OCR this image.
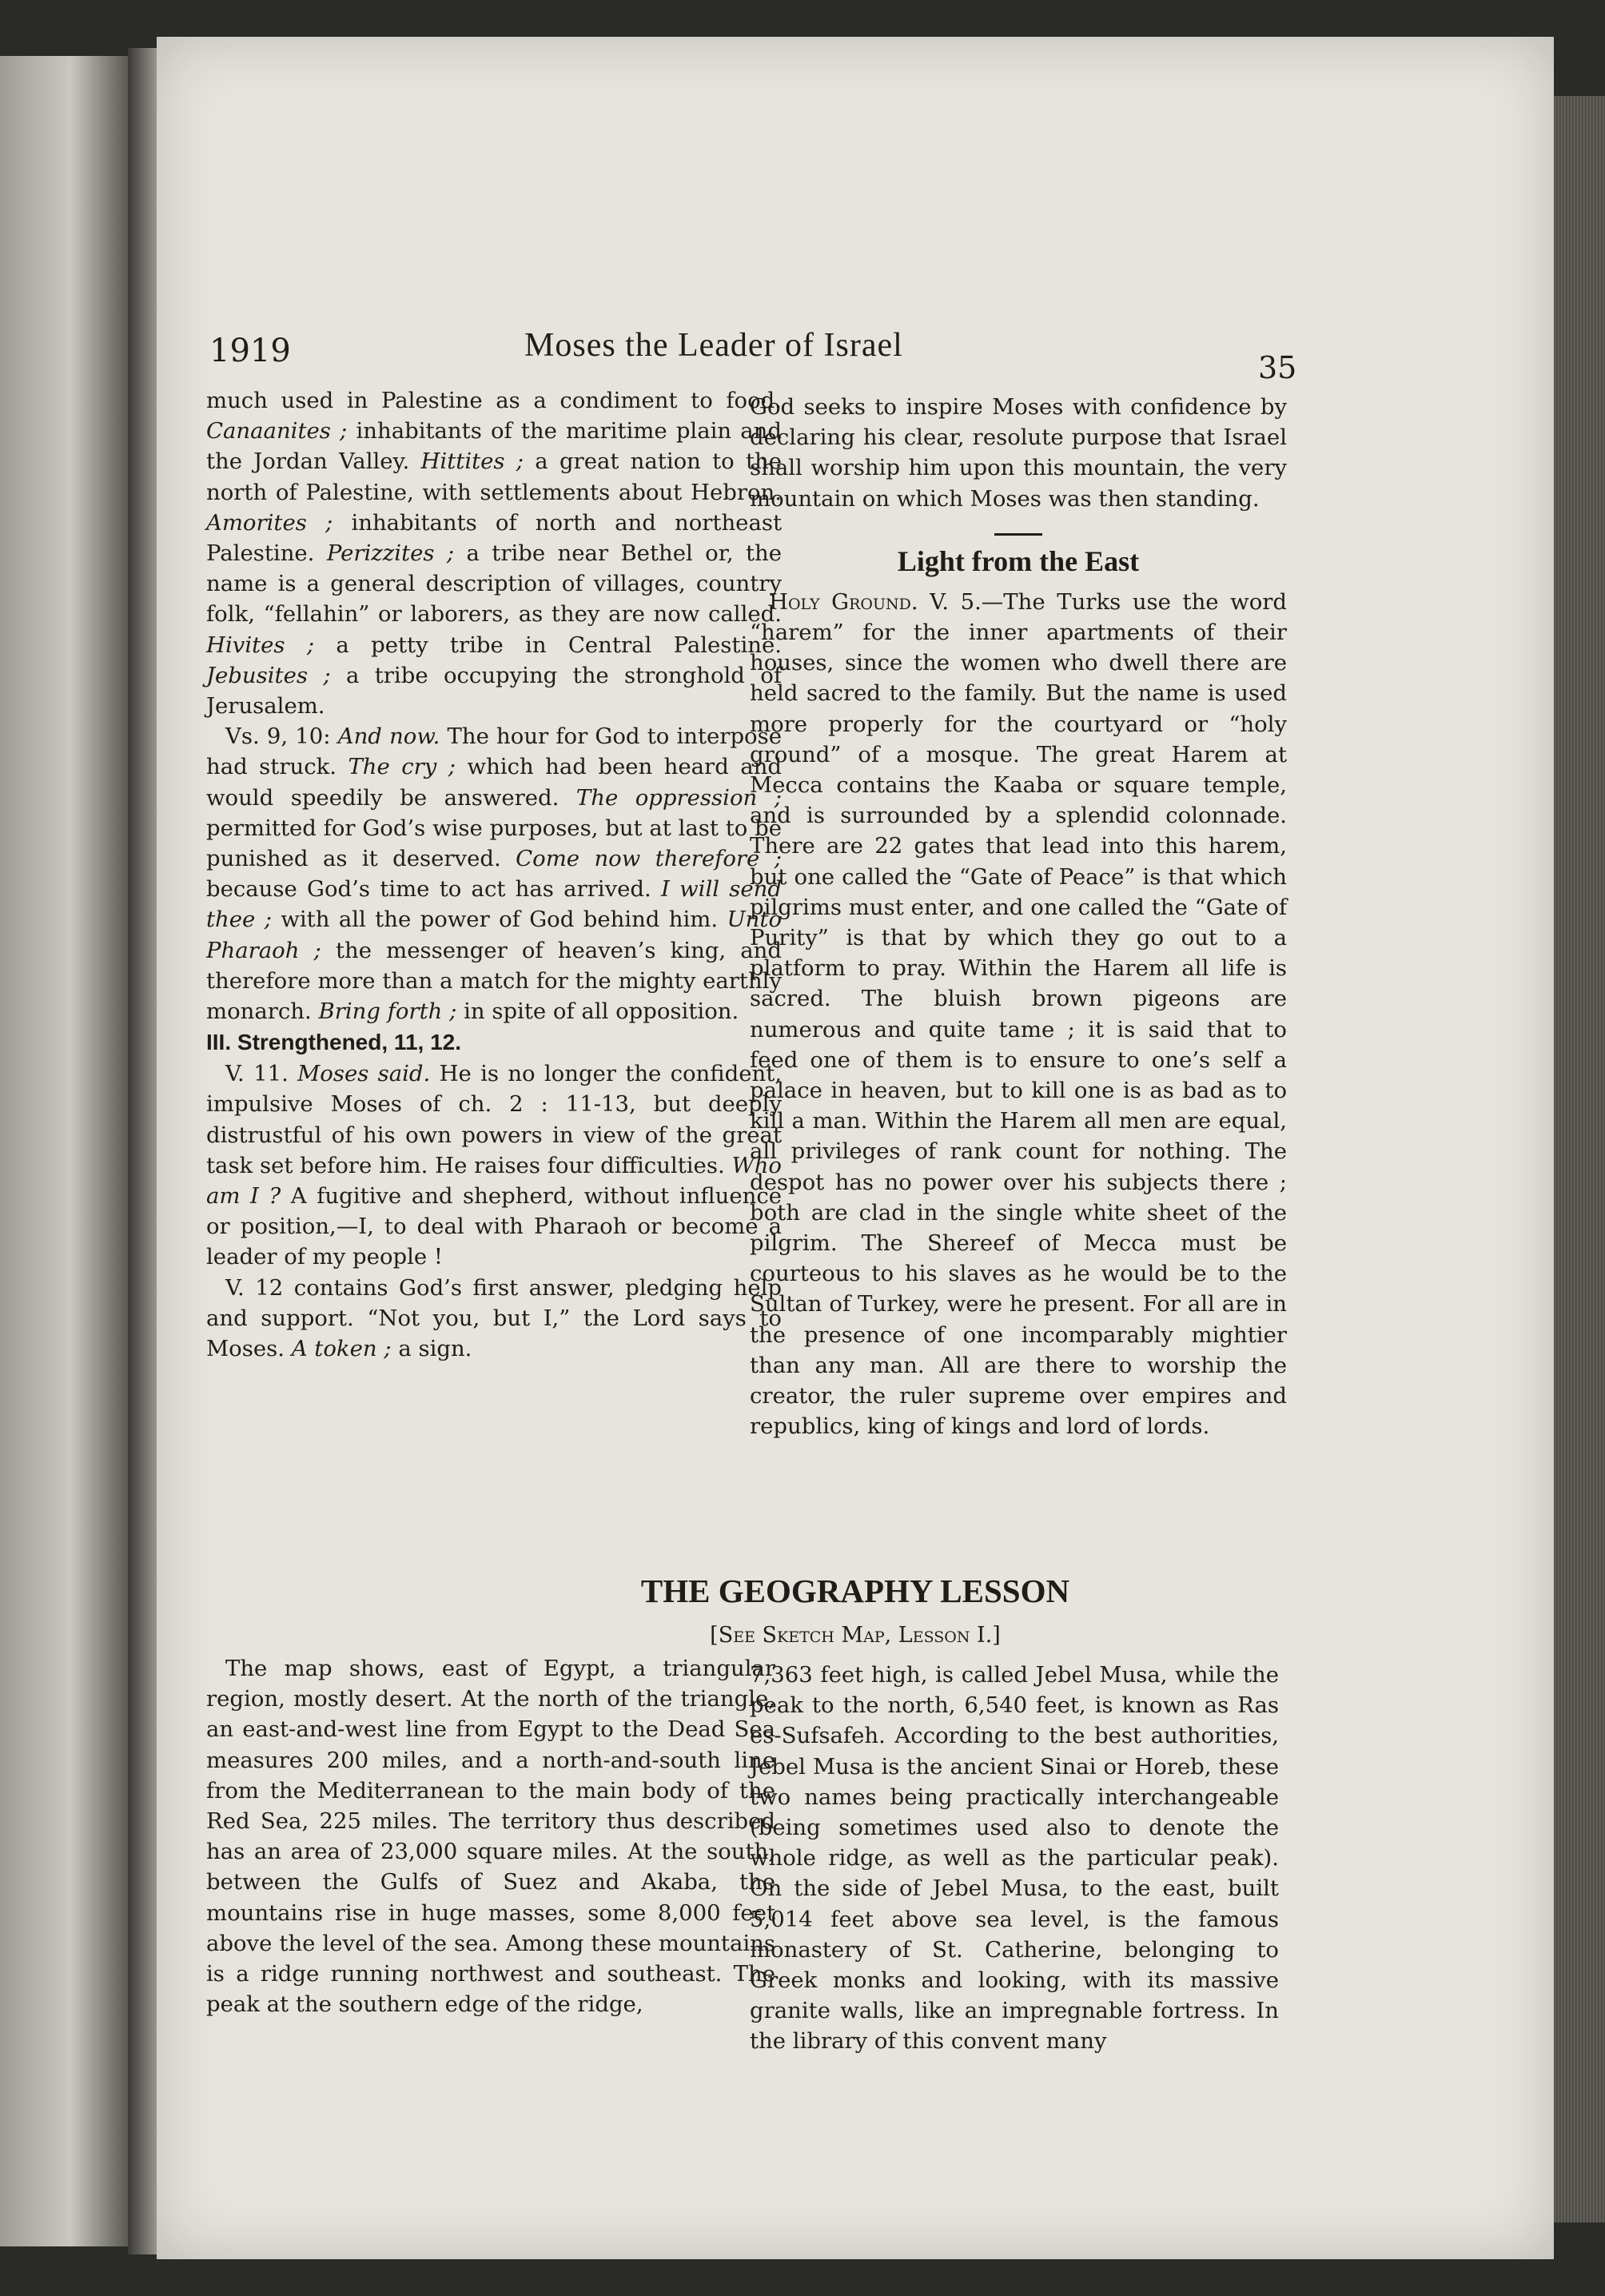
1919	Moses the Leader of Israel
35

much used in Palestine as a condiment to food. Canaanites ; inhabitants of the maritime plain and the Jordan Valley. Hittites ; a great nation to the north of Palestine, with settlements about Hebron. Amorites ; inhabitants of north and northeast Palestine. Perizzites ; a tribe near Bethel or, the name is a general description of villages, country folk, “fellahin” or laborers, as they are now called. Hivites ; a petty tribe in Central Palestine. Jebusites ; a tribe occupying the stronghold of Jerusalem.

Vs. 9, 10: And now. The hour for God to interpose had struck. The cry ; which had been heard and would speedily be answered. The oppression ; permitted for God’s wise purposes, but at last to be punished as it deserved. Come now therefore ; because God’s time to act has arrived. I will send thee ; with all the power of God behind him. Unto Pharaoh ; the messenger of heaven’s king, and therefore more than a match for the mighty earthly monarch. Bring forth ; in spite of all opposition.

III. Strengthened, 11, 12.

V. 11. Moses said. He is no longer the confident, impulsive Moses of ch. 2 : 11-13, but deeply distrustful of his own powers in view of the great task set before him. He raises four difficulties. Who am I ? A fugitive and shepherd, without influence or position,—I, to deal with Pharaoh or become a leader of my people !

V. 12 contains God’s first answer, pledging help and support. “Not you, but I,” the Lord says to Moses. A token ; a sign.

God seeks to inspire Moses with confidence by declaring his clear, resolute purpose that Israel shall worship him upon this mountain, the very mountain on which Moses was then standing.

Light from the East

Holy Ground. V. 5.—The Turks use the word “harem” for the inner apartments of their houses, since the women who dwell there are held sacred to the family. But the name is used more properly for the courtyard or “holy ground” of a mosque. The great Harem at Mecca contains the Kaaba or square temple, and is surrounded by a splendid colonnade. There are 22 gates that lead into this harem, but one called the “Gate of Peace” is that which pilgrims must enter, and one called the “Gate of Purity” is that by which they go out to a platform to pray. Within the Harem all life is sacred. The bluish brown pigeons are numerous and quite tame ; it is said that to feed one of them is to ensure to one’s self a palace in heaven, but to kill one is as bad as to kill a man. Within the Harem all men are equal, all privileges of rank count for nothing. The despot has no power over his subjects there ; both are clad in the single white sheet of the pilgrim. The Shereef of Mecca must be courteous to his slaves as he would be to the Sultan of Turkey, were he present. For all are in the presence of one incomparably mightier than any man. All are there to worship the creator, the ruler supreme over empires and republics, king of kings and lord of lords.

THE GEOGRAPHY LESSON
[See Sketch Map, Lesson I.]

The map shows, east of Egypt, a triangular region, mostly desert. At the north of the triangle, an east-and-west line from Egypt to the Dead Sea measures 200 miles, and a north-and-south line from the Mediterranean to the main body of the Red Sea, 225 miles. The territory thus described has an area of 23,000 square miles. At the south, between the Gulfs of Suez and Akaba, the mountains rise in huge masses, some 8,000 feet above the level of the sea. Among these mountains is a ridge running northwest and southeast. The peak at the southern edge of the ridge,

7,363 feet high, is called Jebel Musa, while the peak to the north, 6,540 feet, is known as Ras es-Sufsafeh. According to the best authorities, Jebel Musa is the ancient Sinai or Horeb, these two names being practically interchangeable (being sometimes used also to denote the whole ridge, as well as the particular peak). On the side of Jebel Musa, to the east, built 5,014 feet above sea level, is the famous monastery of St. Catherine, belonging to Greek monks and looking, with its massive granite walls, like an impregnable fortress. In the library of this convent many
